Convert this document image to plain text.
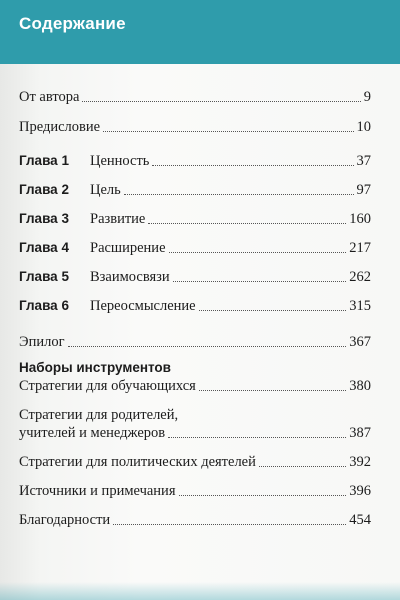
Содержание
От автора	9
Предисловие	10
Глава 1	Ценность	37
Глава 2	Цель	97
Глава 3	Развитие	160
Глава 4	Расширение	217
Глава 5	Взаимосвязи	262
Глава 6	Переосмысление	315
Эпилог	367
Наборы инструментов
Стратегии для обучающихся	380
Стратегии для родителей,
учителей и менеджеров	387
Стратегии для политических деятелей	392
Источники и примечания	396
Благодарности	454
